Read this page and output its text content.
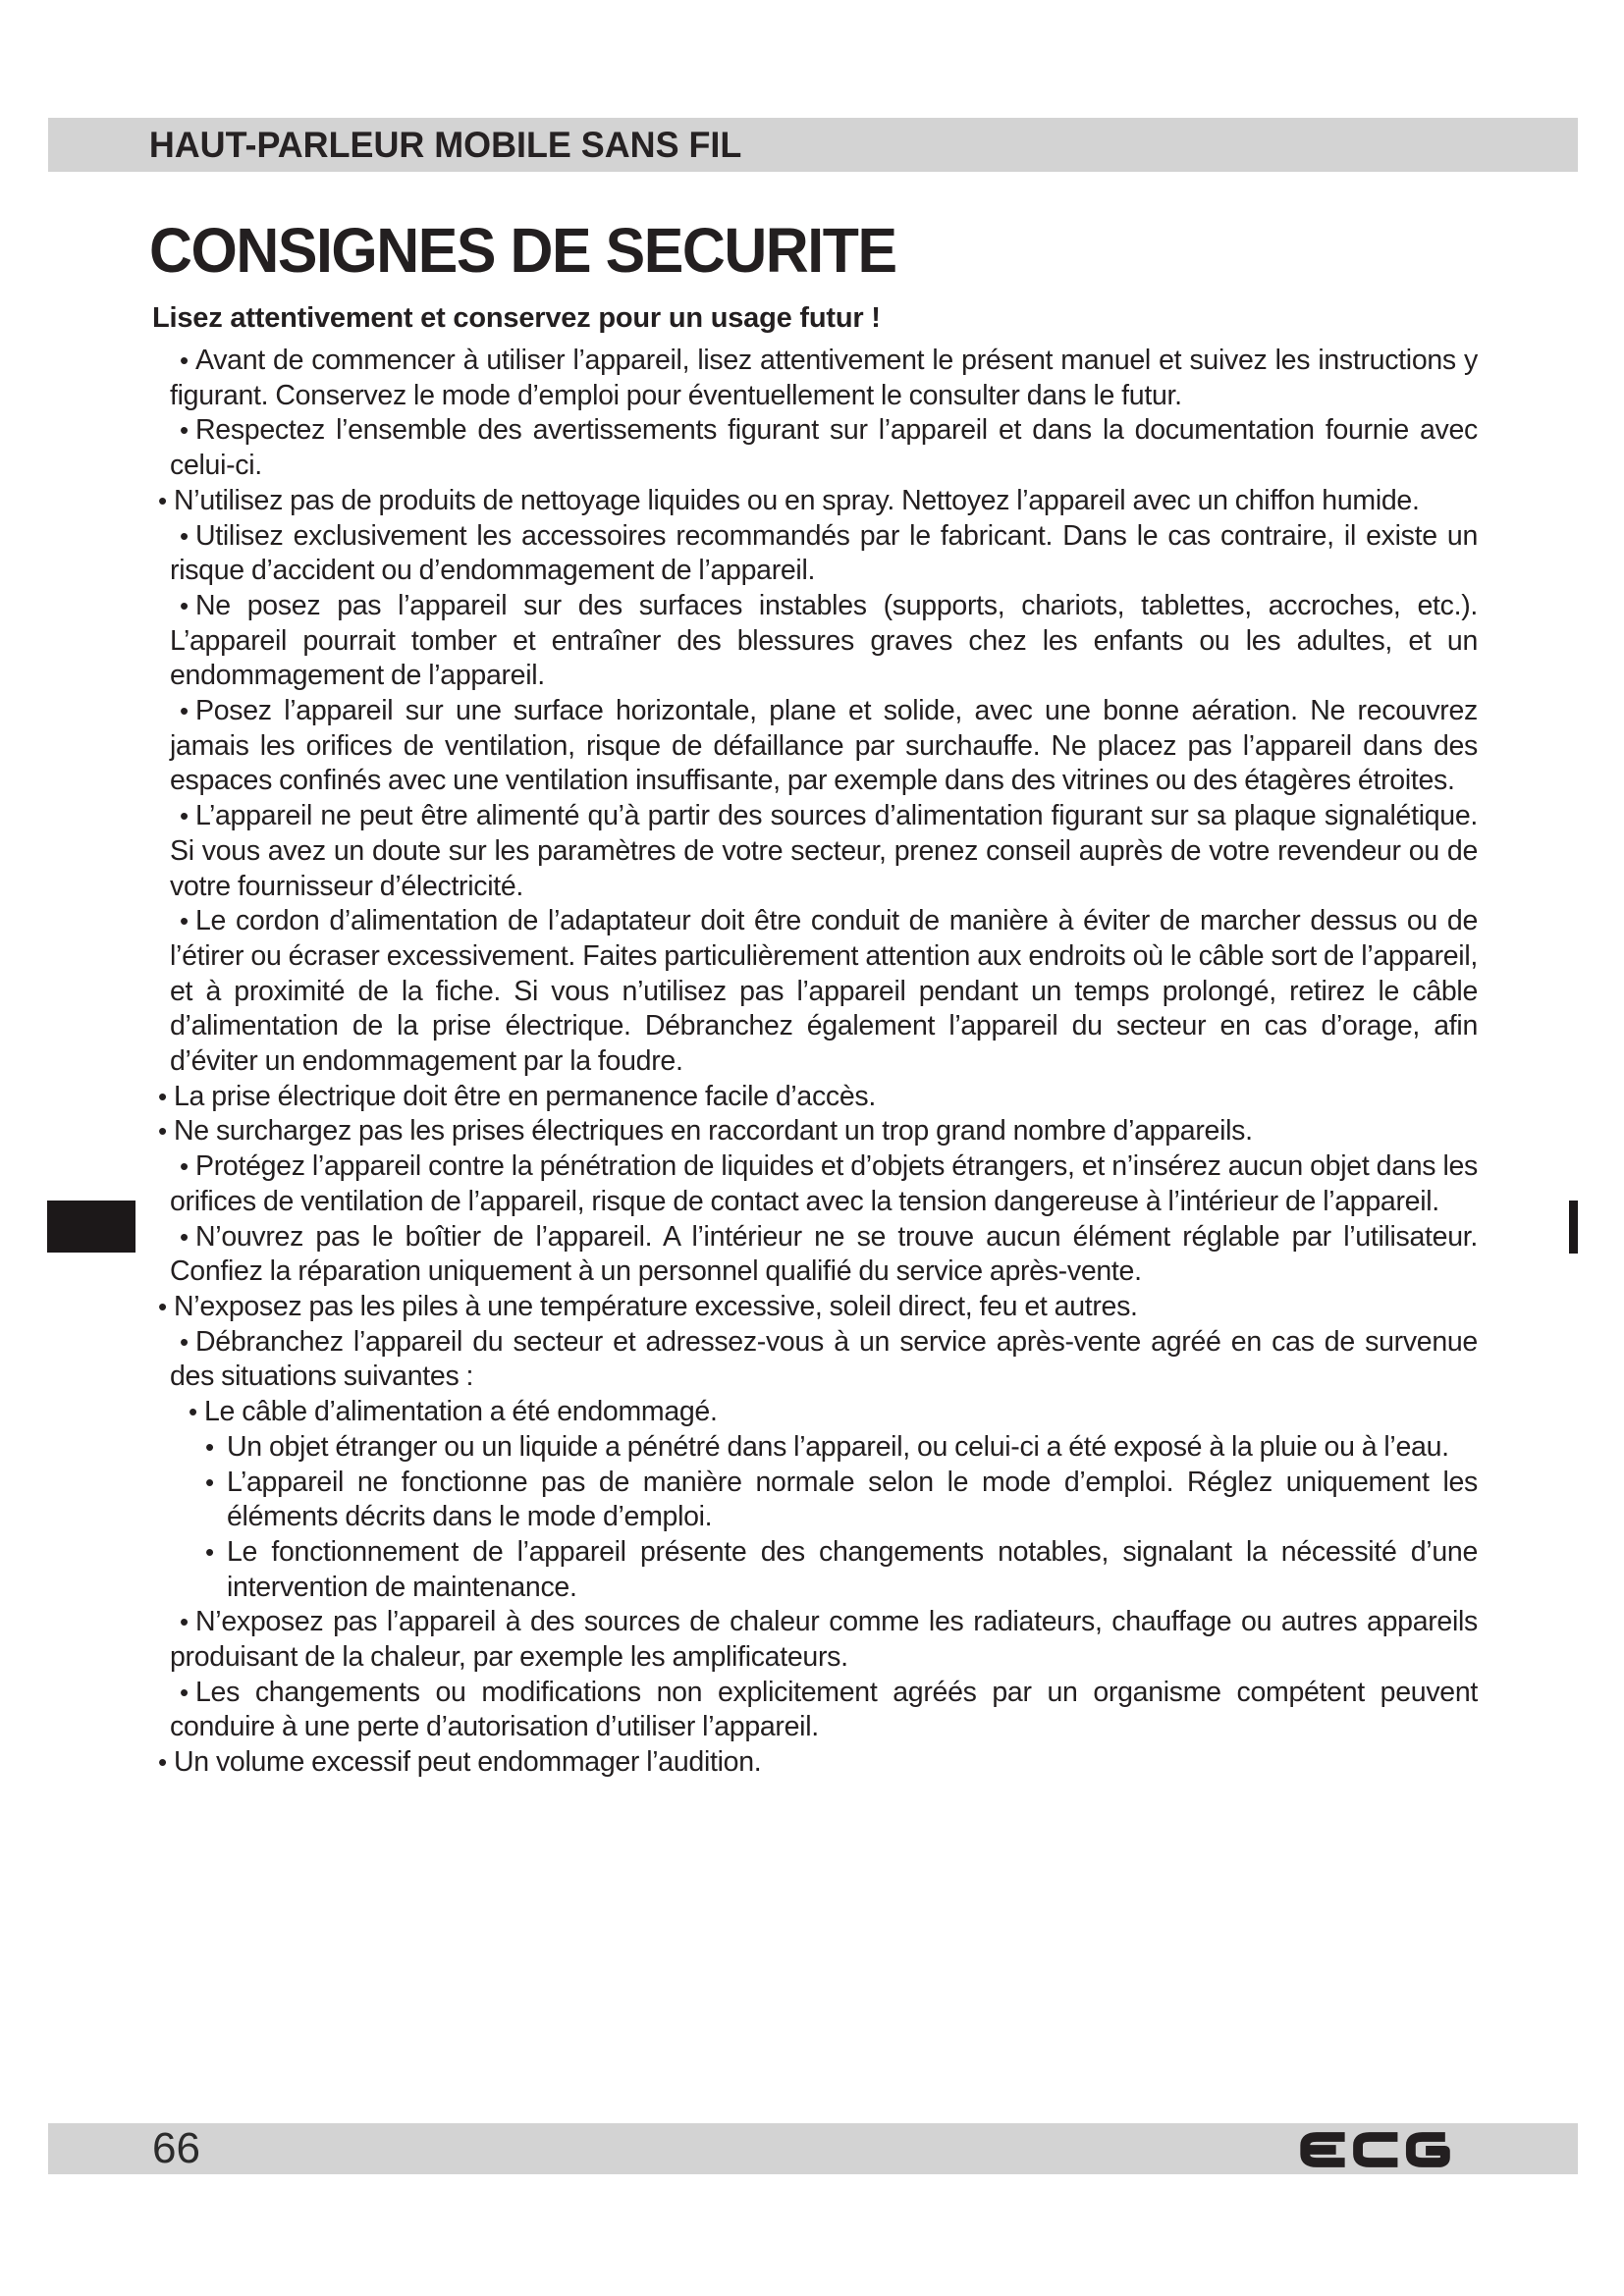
HAUT-PARLEUR MOBILE SANS FIL
CONSIGNES DE SECURITE
Lisez attentivement et conservez pour un usage futur !
• Avant de commencer à utiliser l’appareil, lisez attentivement le présent manuel et suivez les instructions y figurant. Conservez le mode d’emploi pour éventuellement le consulter dans le futur.
• Respectez l’ensemble des avertissements figurant sur l’appareil et dans la documentation fournie avec celui-ci.
• N’utilisez pas de produits de nettoyage liquides ou en spray. Nettoyez l’appareil avec un chiffon humide.
• Utilisez exclusivement les accessoires recommandés par le fabricant. Dans le cas contraire, il existe un risque d’accident ou d’endommagement de l’appareil.
• Ne posez pas l’appareil sur des surfaces instables (supports, chariots, tablettes, accroches, etc.). L’appareil pourrait tomber et entraîner des blessures graves chez les enfants ou les adultes, et un endommagement de l’appareil.
• Posez l’appareil sur une surface horizontale, plane et solide, avec une bonne aération. Ne recouvrez jamais les orifices de ventilation, risque de défaillance par surchauffe. Ne placez pas l’appareil dans des espaces confinés avec une ventilation insuffisante, par exemple dans des vitrines ou des étagères étroites.
• L’appareil ne peut être alimenté qu’à partir des sources d’alimentation figurant sur sa plaque signalétique. Si vous avez un doute sur les paramètres de votre secteur, prenez conseil auprès de votre revendeur ou de votre fournisseur d’électricité.
• Le cordon d’alimentation de l’adaptateur doit être conduit de manière à éviter de marcher dessus ou de l’étirer ou écraser excessivement. Faites particulièrement attention aux endroits où le câble sort de l’appareil, et à proximité de la fiche. Si vous n’utilisez pas l’appareil pendant un temps prolongé, retirez le câble d’alimentation de la prise électrique. Débranchez également l’appareil du secteur en cas d’orage, afin d’éviter un endommagement par la foudre.
• La prise électrique doit être en permanence facile d’accès.
• Ne surchargez pas les prises électriques en raccordant un trop grand nombre d’appareils.
• Protégez l’appareil contre la pénétration de liquides et d’objets étrangers, et n’insérez aucun objet dans les orifices de ventilation de l’appareil, risque de contact avec la tension dangereuse à l’intérieur de l’appareil.
• N’ouvrez pas le boîtier de l’appareil. A l’intérieur ne se trouve aucun élément réglable par l’utilisateur. Confiez la réparation uniquement à un personnel qualifié du service après-vente.
• N’exposez pas les piles à une température excessive, soleil direct, feu et autres.
• Débranchez l’appareil du secteur et adressez-vous à un service après-vente agréé en cas de survenue des situations suivantes :
• Le câble d’alimentation a été endommagé.
• Un objet étranger ou un liquide a pénétré dans l’appareil, ou celui-ci a été exposé à la pluie ou à l’eau.
• L’appareil ne fonctionne pas de manière normale selon le mode d’emploi. Réglez uniquement les éléments décrits dans le mode d’emploi.
• Le fonctionnement de l’appareil présente des changements notables, signalant la nécessité d’une intervention de maintenance.
• N’exposez pas l’appareil à des sources de chaleur comme les radiateurs, chauffage ou autres appareils produisant de la chaleur, par exemple les amplificateurs.
• Les changements ou modifications non explicitement agréés par un organisme compétent peuvent conduire à une perte d’autorisation d’utiliser l’appareil.
• Un volume excessif peut endommager l’audition.
66
